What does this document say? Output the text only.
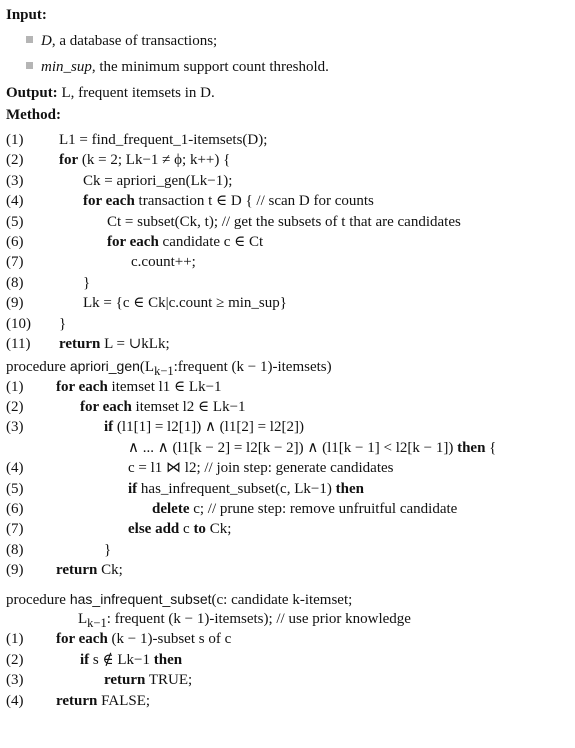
Input:
D, a database of transactions;
min_sup, the minimum support count threshold.
Output: L, frequent itemsets in D.
Method:
(1) L1 = find_frequent_1-itemsets(D);
(2) for (k = 2; Lk−1 ≠ ϕ; k++) {
(3)	Ck = apriori_gen(Lk−1);
(4)	for each transaction t ∈ D { // scan D for counts
(5)	Ct = subset(Ck, t); // get the subsets of t that are candidates
(6)	for each candidate c ∈ Ct
(7)	c.count++;
(8)	}
(9)	Lk = {c ∈ Ck|c.count ≥ min_sup}
(10) }
(11) return L = ∪kLk;
procedure $apriori\_gen(L_{k-1}:frequent$ (k − 1)-itemsets)
(1) for each itemset l1 ∈ Lk−1
(2)	for each itemset l2 ∈ Lk−1
(3)	if (l1[1] = l2[1]) ∧ (l1[2] = l2[2])
∧ ... ∧ (l1[k − 2] = l2[k − 2]) ∧ (l1[k − 1] < l2[k − 1]) then {
(4)	c = l1 ⋈ l2; // join step: generate candidates
(5)	if has_infrequent_subset(c, Lk−1) then
(6)	delete c; // prune step: remove unfruitful candidate
(7)	else add c to Ck;
(8)	}
(9) return Ck;
procedure has_infrequent_subset(c: candidate k-itemset;
$L_{k-1}$: frequent (k − 1)-itemsets); // use prior knowledge
(1) for each (k − 1)-subset s of c
(2)	if s ∉ Lk−1 then
(3)	return TRUE;
(4) return FALSE;
